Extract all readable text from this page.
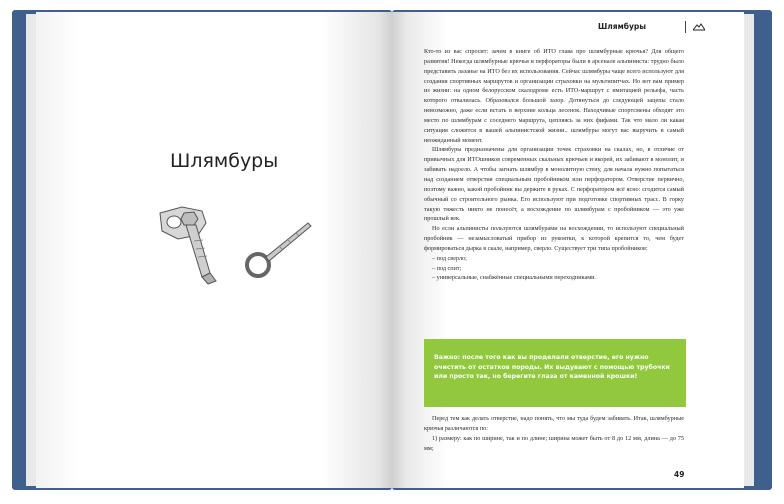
Шлямбуры
Шлямбуры

Кто-то из вас спросит: зачем в книге об ИТО глава про шлямбурные крючья? Для общего развития! Некогда шлямбурные крючья и перфораторы были в арсенале альпиниста: трудно было представить лазанье на ИТО без их использования. Сейчас шлямбуры чаще всего используют для создания спортивных маршрутов и организации страховки на мультипитчах. Но вот вам пример из жизни: на одном белорусском скалодроме есть ИТО-маршрут с имитацией рельефа, часть которого отвалилась. Образовался большой зазор. Дотянуться до следующей зацепы стало невозможно, даже если встать в верхние кольца лесенок. Находчивые спортсмены обходят это место по шлямбурам с соседнего маршрута, цепляясь за них фифами. Так что мало ли какая ситуация сложится в вашей альпинистской жизни.. шлямбуры могут вас выручить в самый неожиданный момент.

Шлямбуры предназначены для организации точек страховки на скалах, но, в отличие от привычных для ИТОшников современных скальных крючьев и якорей, их забивают в монолит, и забивать надоело. А чтобы загнать шлямбур в монолитную стену, для начала нужно попытаться над созданием отверстия специальным пробойником или перфоратором. Отверстие первично, поэтому важно, какой пробойник вы держите в руках. С перфоратором всё ясно: сгодится самый обычный со строительного рынка. Его используют при подготовке спортивных трасс. В горку такую тяжесть никто не понесёт, а восхождение по шлямбурам с пробойником — это уже прошлый век.

Но если альпинисты пользуются шлямбурами на восхождении, то используют специальный пробойник — незамысловатый прибор из рукоятки, к которой крепится то, чем будет формироваться дырка в скале, например, сверло. Существует три типа пробойников:

– под сверло;
– под спит;
– универсальные, снабжённые специальными переходниками.

Важно: после того как вы проделали отверстие, его нужно очистить от остатков породы. Их выдувают с помощью трубочки или просто так, но берегите глаза от каменной крошки!

Перед тем как делать отверстие, надо понять, что мы туда будем забивать. Итак, шлямбурные крючья различаются по:

1) размеру: как по ширине, так и по длине; ширина может быть от 8 до 12 мм, длина — до 75 мм;

49
